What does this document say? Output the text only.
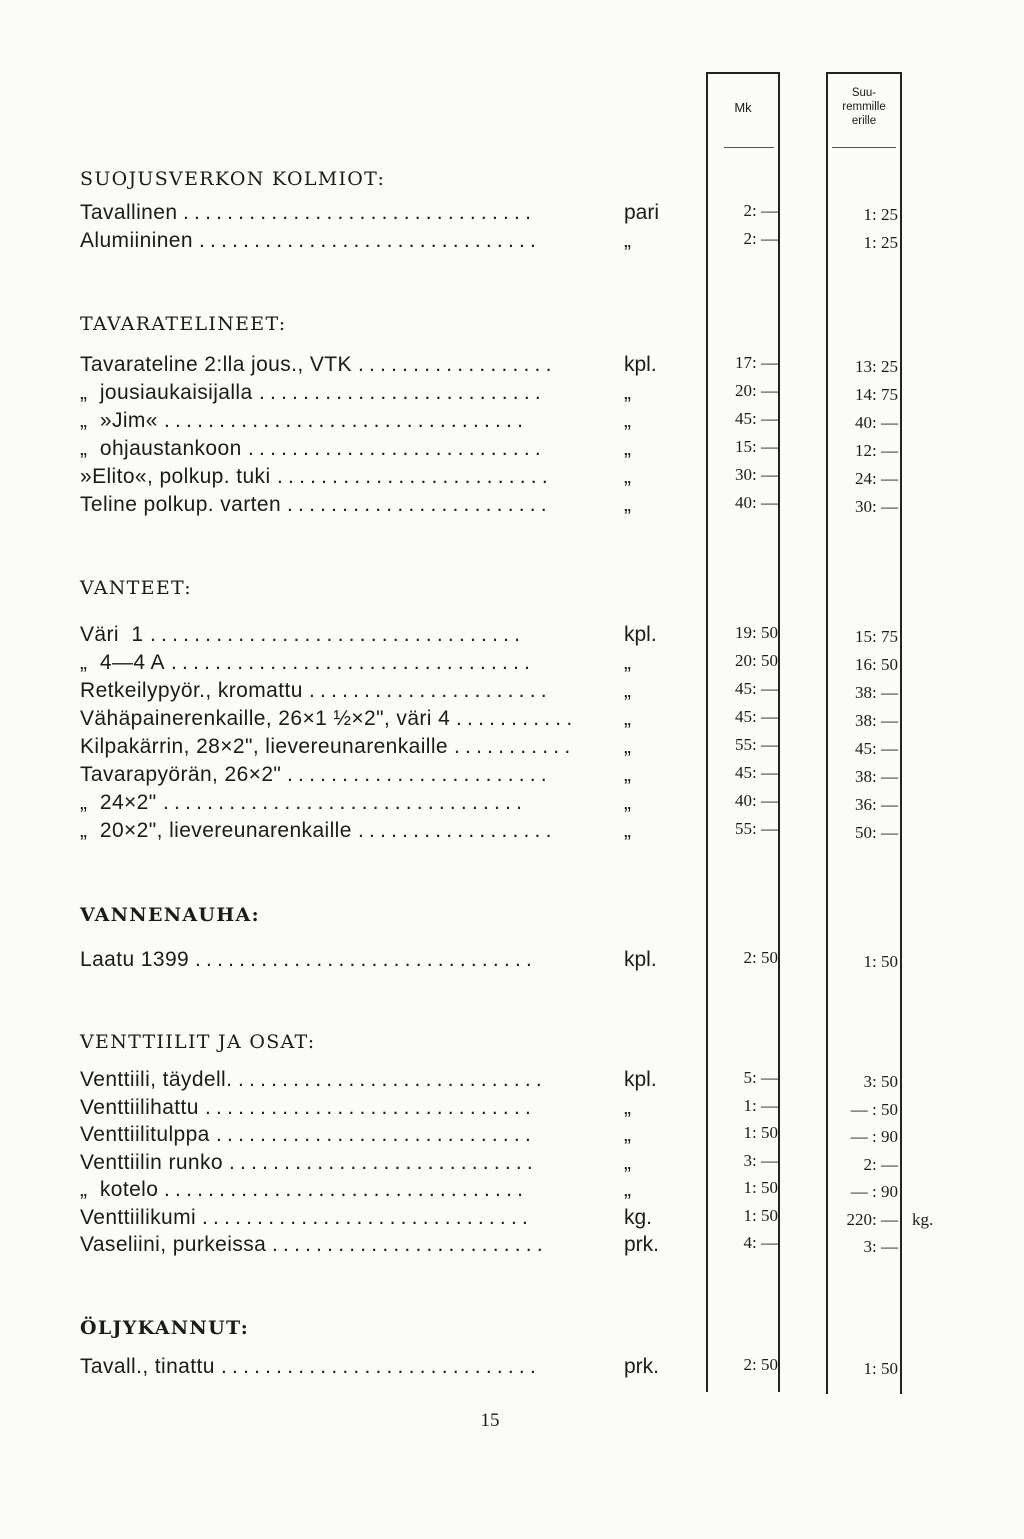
Mk
Suu-
remmille
erille
SUOJUSVERKON KOLMIOT:
Tavallinen	pari	2: —	1: 25
................................
Alumiininen	„	2: —	1: 25
...............................
TAVARATELINEET:
Tavarateline 2:lla jous., VTK	kpl.	17: —	13: 25
..................
„  jousiaukaisijalla	„	20: —	14: 75
..........................
„  »Jim«	„	45: —	40: —
.................................
„  ohjaustankoon	„	15: —	12: —
...........................
»Elito«, polkup. tuki	„	30: —	24: —
.........................
Teline polkup. varten	„	40: —	30: —
........................
VANTEET:
Väri  1	kpl.	19: 50	15: 75
..................................
„  4—4 A	„	20: 50	16: 50
.................................
Retkeilypyör., kromattu	„	45: —	38: —
......................
Vähäpainerenkaille, 26×1 ½×2", väri 4	„	45: —	38: —
...........
Kilpakärrin, 28×2", lievereunarenkaille	„	55: —	45: —
...........
Tavarapyörän, 26×2"	„	45: —	38: —
........................
„  24×2"	„	40: —	36: —
.................................
„  20×2", lievereunarenkaille	„	55: —	50: —
..................
VANNENAUHA:
Laatu 1399	kpl.	2: 50	1: 50
...............................
VENTTIILIT JA OSAT:
Venttiili, täydell.	kpl.	5: —	3: 50
............................
Venttiilihattu	„	1: —	— : 50
..............................
Venttiilitulppa	„	1: 50	— : 90
.............................
Venttiilin runko	„	3: —	2: —
............................
„  kotelo	„	1: 50	— : 90
.................................
Venttiilikumi	kg.	1: 50	220: — kg.
..............................
Vaseliini, purkeissa	prk.	4: —	3: —
.........................
ÖLJYKANNUT:
Tavall., tinattu	prk.	2: 50	1: 50
.............................
15
